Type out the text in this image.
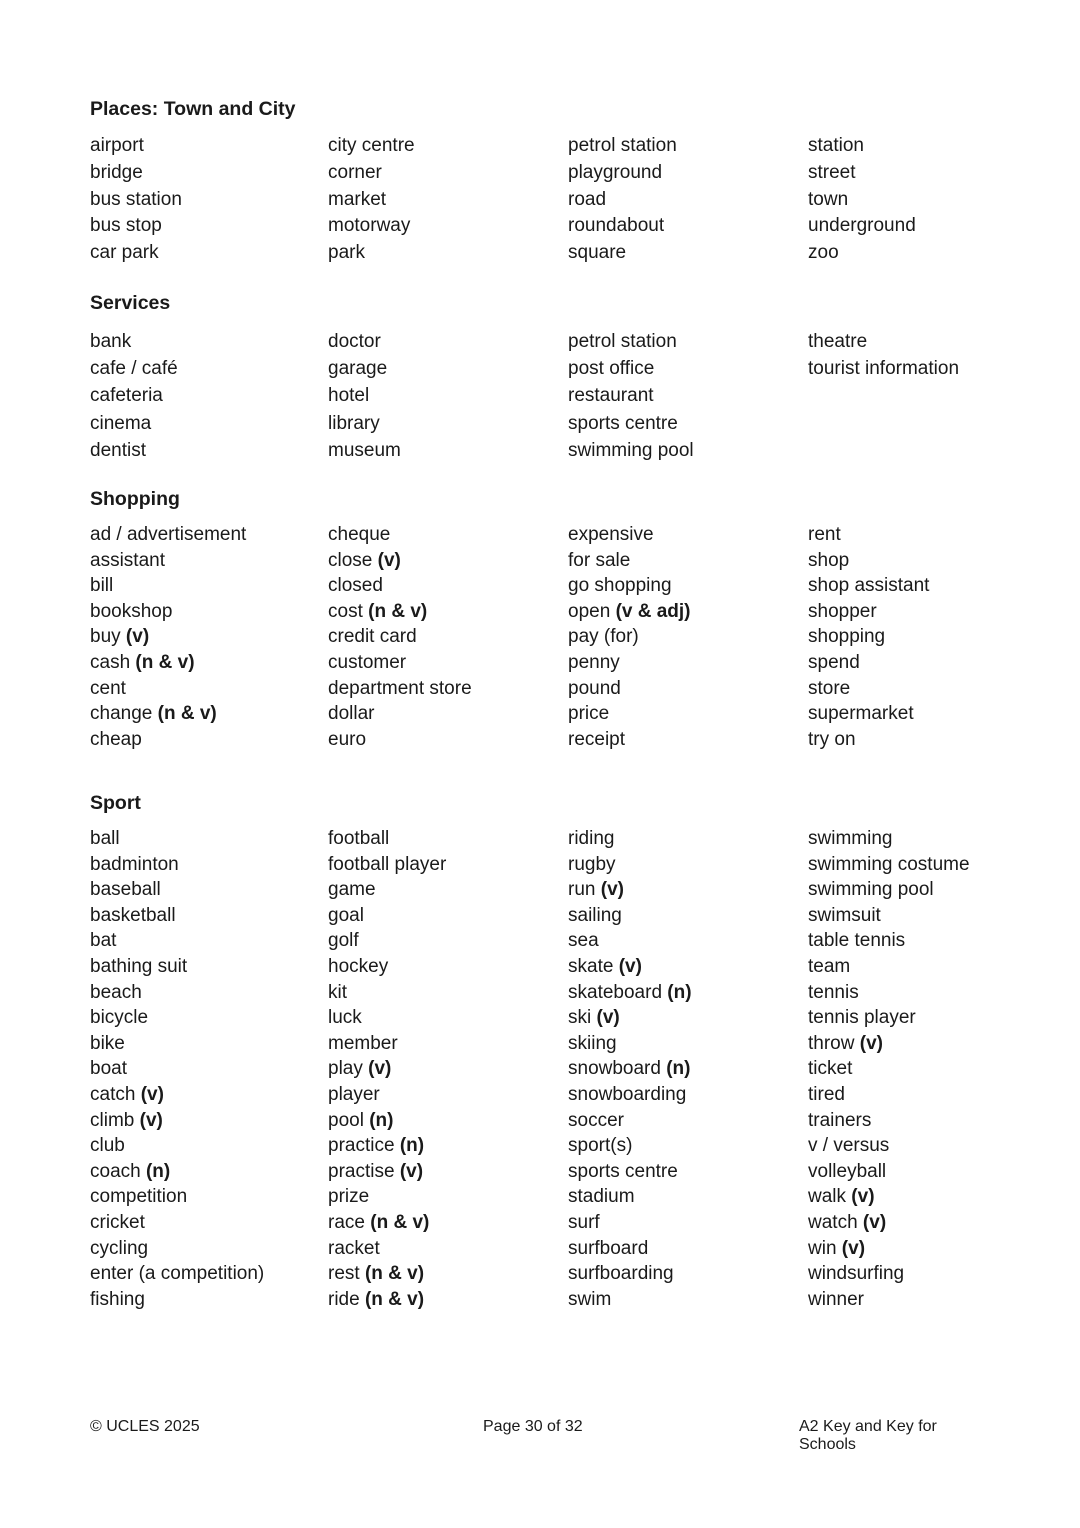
Places: Town and City
airport
bridge
bus station
bus stop
car park
city centre
corner
market
motorway
park
petrol station
playground
road
roundabout
square
station
street
town
underground
zoo
Services
bank
cafe / café
cafeteria
cinema
dentist
doctor
garage
hotel
library
museum
petrol station
post office
restaurant
sports centre
swimming pool
theatre
tourist information
Shopping
ad / advertisement
assistant
bill
bookshop
buy (v)
cash (n & v)
cent
change (n & v)
cheap
cheque
close (v)
closed
cost (n & v)
credit card
customer
department store
dollar
euro
expensive
for sale
go shopping
open (v & adj)
pay (for)
penny
pound
price
receipt
rent
shop
shop assistant
shopper
shopping
spend
store
supermarket
try on
Sport
ball
badminton
baseball
basketball
bat
bathing suit
beach
bicycle
bike
boat
catch (v)
climb (v)
club
coach (n)
competition
cricket
cycling
enter (a competition)
fishing
football
football player
game
goal
golf
hockey
kit
luck
member
play (v)
player
pool (n)
practice (n)
practise (v)
prize
race (n & v)
racket
rest (n & v)
ride (n & v)
riding
rugby
run (v)
sailing
sea
skate (v)
skateboard (n)
ski (v)
skiing
snowboard (n)
snowboarding
soccer
sport(s)
sports centre
stadium
surf
surfboard
surfboarding
swim
swimming
swimming costume
swimming pool
swimsuit
table tennis
team
tennis
tennis player
throw (v)
ticket
tired
trainers
v / versus
volleyball
walk (v)
watch (v)
win (v)
windsurfing
winner
© UCLES 2025	Page 30 of 32	A2 Key and Key for Schools
